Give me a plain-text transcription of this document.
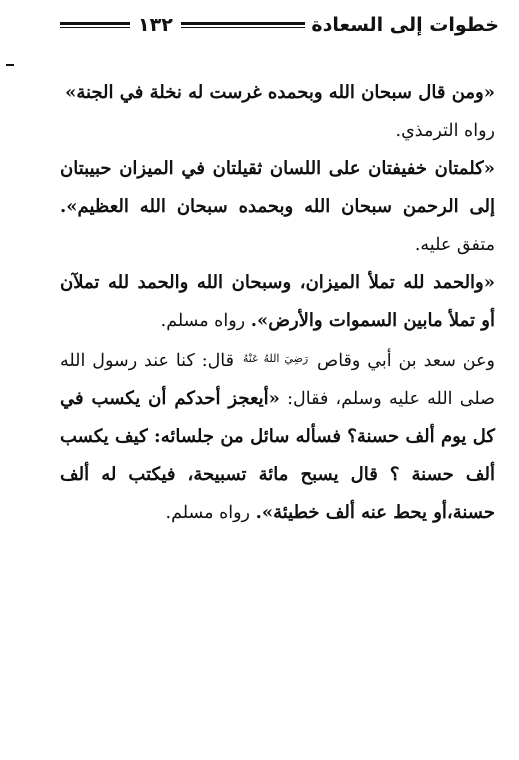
خطوات إلى السعادة
١٣٢

«ومن قال سبحان الله وبحمده غرست له نخلة في الجنة»
رواه الترمذي.

«كلمتان خفيفتان على اللسان ثقيلتان في الميزان حبيبتان إلى الرحمن سبحان الله وبحمده سبحان الله العظيم». متفق عليه.

«والحمد لله تملأ الميزان، وسبحان الله والحمد لله تملآن أو تملأ مابين السموات والأرض». رواه مسلم.

وعن سعد بن أبي وقاص $^{رَضِيَ اللهُ عَنْهُ}$ قال: كنا عند رسول الله صلى الله عليه وسلم، فقال: «أيعجز أحدكم أن يكسب في كل يوم ألف حسنة؟ فسأله سائل من جلسائه: كيف يكسب ألف حسنة ؟ قال يسبح مائة تسبيحة، فيكتب له ألف حسنة،أو يحط عنه ألف خطيئة». رواه مسلم.
